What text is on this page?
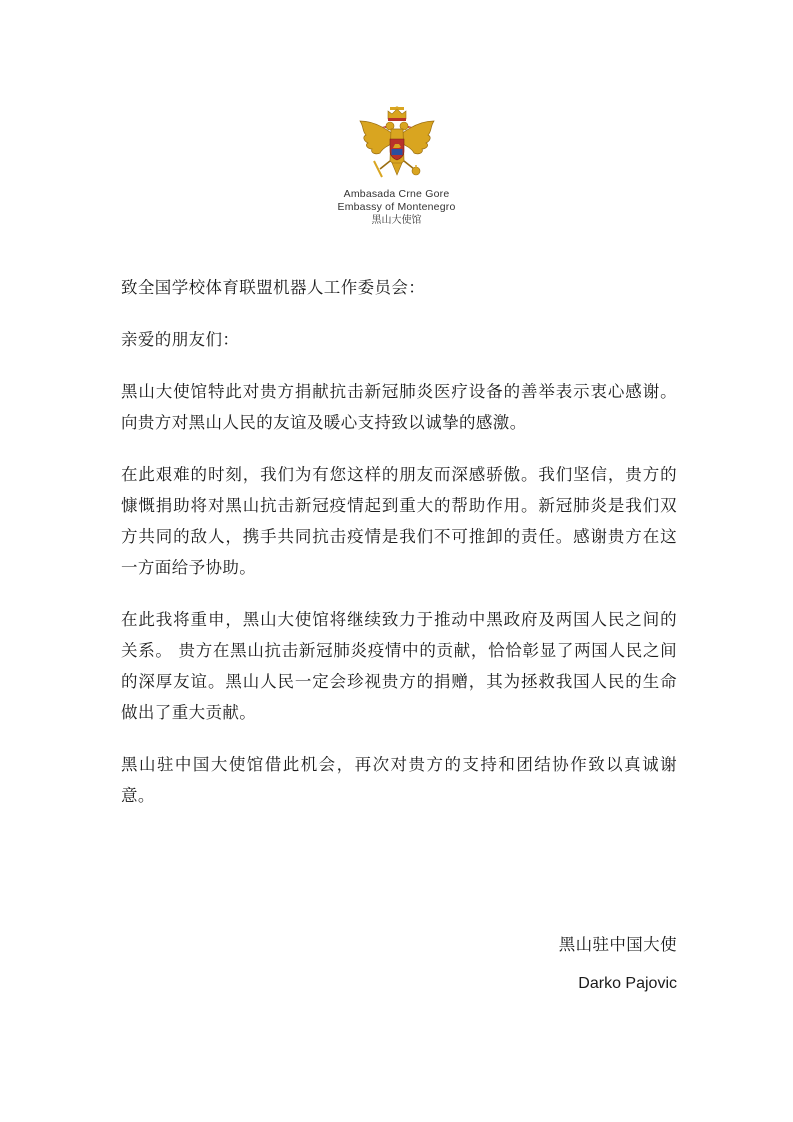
Ambasada Crne Gore
Embassy of Montenegro
黑山大使馆

致全国学校体育联盟机器人工作委员会：

亲爱的朋友们：

黑山大使馆特此对贵方捐献抗击新冠肺炎医疗设备的善举表示衷心感谢。向贵方对黑山人民的友谊及暖心支持致以诚挚的感激。

在此艰难的时刻，我们为有您这样的朋友而深感骄傲。我们坚信，贵方的慷慨捐助将对黑山抗击新冠疫情起到重大的帮助作用。新冠肺炎是我们双方共同的敌人，携手共同抗击疫情是我们不可推卸的责任。感谢贵方在这一方面给予协助。

在此我将重申，黑山大使馆将继续致力于推动中黑政府及两国人民之间的关系。 贵方在黑山抗击新冠肺炎疫情中的贡献，恰恰彰显了两国人民之间的深厚友谊。黑山人民一定会珍视贵方的捐赠，其为拯救我国人民的生命做出了重大贡献。

黑山驻中国大使馆借此机会，再次对贵方的支持和团结协作致以真诚谢意。

黑山驻中国大使
Darko Pajovic
